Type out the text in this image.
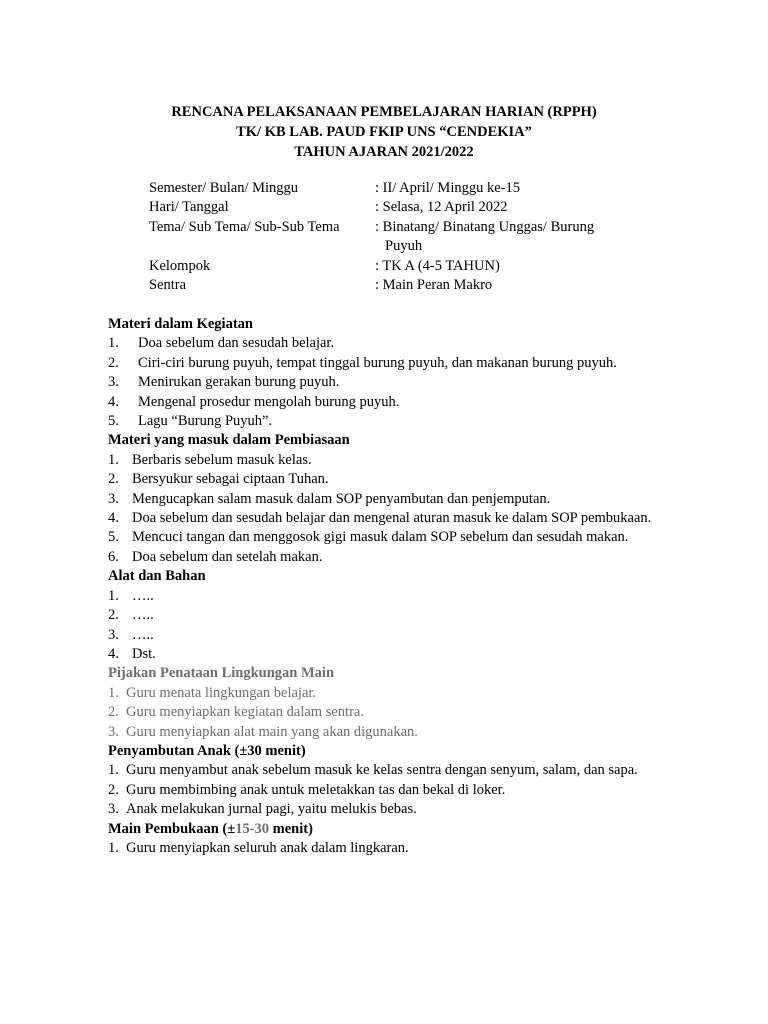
RENCANA PELAKSANAAN PEMBELAJARAN HARIAN (RPPH)
TK/ KB LAB. PAUD FKIP UNS “CENDEKIA”
TAHUN AJARAN 2021/2022
Semester/ Bulan/ Minggu	: II/ April/ Minggu ke-15
Hari/ Tanggal	: Selasa, 12 April 2022
Tema/ Sub Tema/ Sub-Sub Tema	: Binatang/ Binatang Unggas/ Burung
Puyuh
Kelompok	: TK A (4-5 TAHUN)
Sentra	: Main Peran Makro
Materi dalam Kegiatan
1.	Doa sebelum dan sesudah belajar.
2.	Ciri-ciri burung puyuh, tempat tinggal burung puyuh, dan makanan burung puyuh.
3.	Menirukan gerakan burung puyuh.
4.	Mengenal prosedur mengolah burung puyuh.
5.	Lagu “Burung Puyuh”.
Materi yang masuk dalam Pembiasaan
1. Berbaris sebelum masuk kelas.
2. Bersyukur sebagai ciptaan Tuhan.
3. Mengucapkan salam masuk dalam SOP penyambutan dan penjemputan.
4. Doa sebelum dan sesudah belajar dan mengenal aturan masuk ke dalam SOP pembukaan.
5. Mencuci tangan dan menggosok gigi masuk dalam SOP sebelum dan sesudah makan.
6. Doa sebelum dan setelah makan.
Alat dan Bahan
1. …..
2. …..
3. …..
4. Dst.
Pijakan Penataan Lingkungan Main
1. Guru menata lingkungan belajar.
2. Guru menyiapkan kegiatan dalam sentra.
3. Guru menyiapkan alat main yang akan digunakan.
Penyambutan Anak (±30 menit)
1. Guru menyambut anak sebelum masuk ke kelas sentra dengan senyum, salam, dan sapa.
2. Guru membimbing anak untuk meletakkan tas dan bekal di loker.
3. Anak melakukan jurnal pagi, yaitu melukis bebas.
Main Pembukaan (±15-30 menit)
1. Guru menyiapkan seluruh anak dalam lingkaran.
